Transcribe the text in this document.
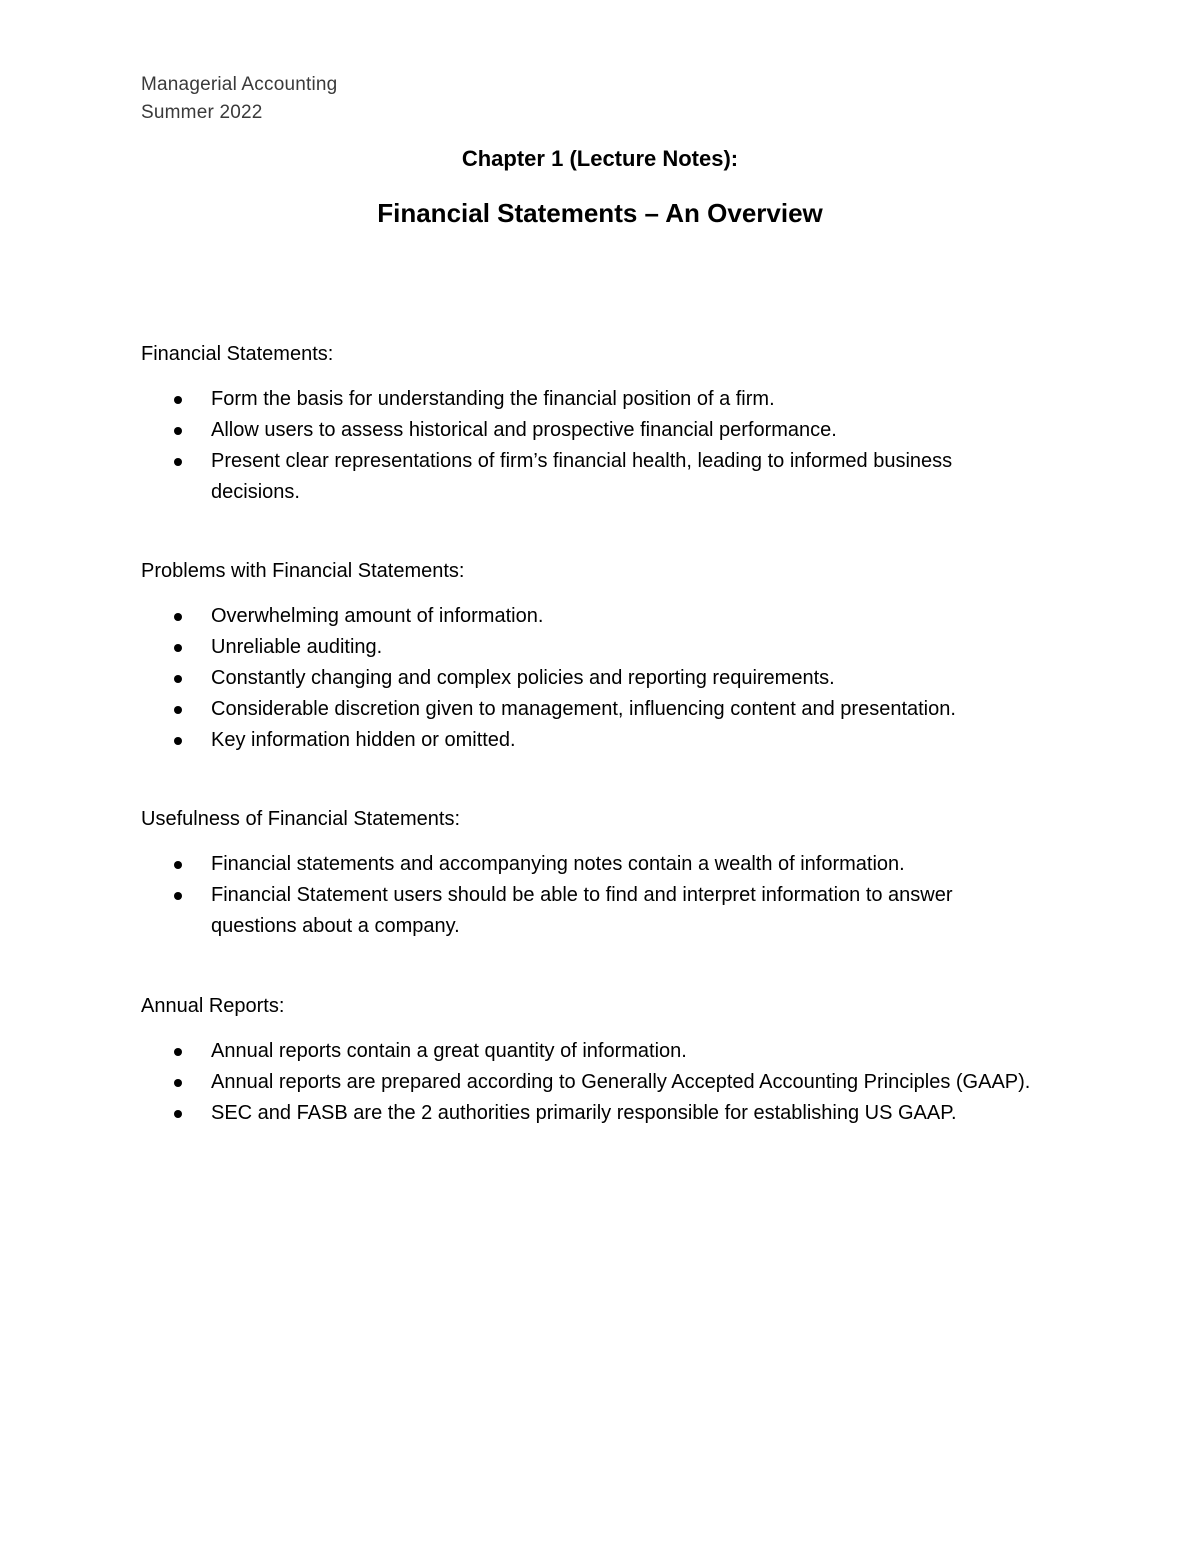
Managerial Accounting
Summer 2022
Chapter 1 (Lecture Notes):
Financial Statements – An Overview
Financial Statements:
Form the basis for understanding the financial position of a firm.
Allow users to assess historical and prospective financial performance.
Present clear representations of firm’s financial health, leading to informed business decisions.
Problems with Financial Statements:
Overwhelming amount of information.
Unreliable auditing.
Constantly changing and complex policies and reporting requirements.
Considerable discretion given to management, influencing content and presentation.
Key information hidden or omitted.
Usefulness of Financial Statements:
Financial statements and accompanying notes contain a wealth of information.
Financial Statement users should be able to find and interpret information to answer questions about a company.
Annual Reports:
Annual reports contain a great quantity of information.
Annual reports are prepared according to Generally Accepted Accounting Principles (GAAP).
SEC and FASB are the 2 authorities primarily responsible for establishing US GAAP.
